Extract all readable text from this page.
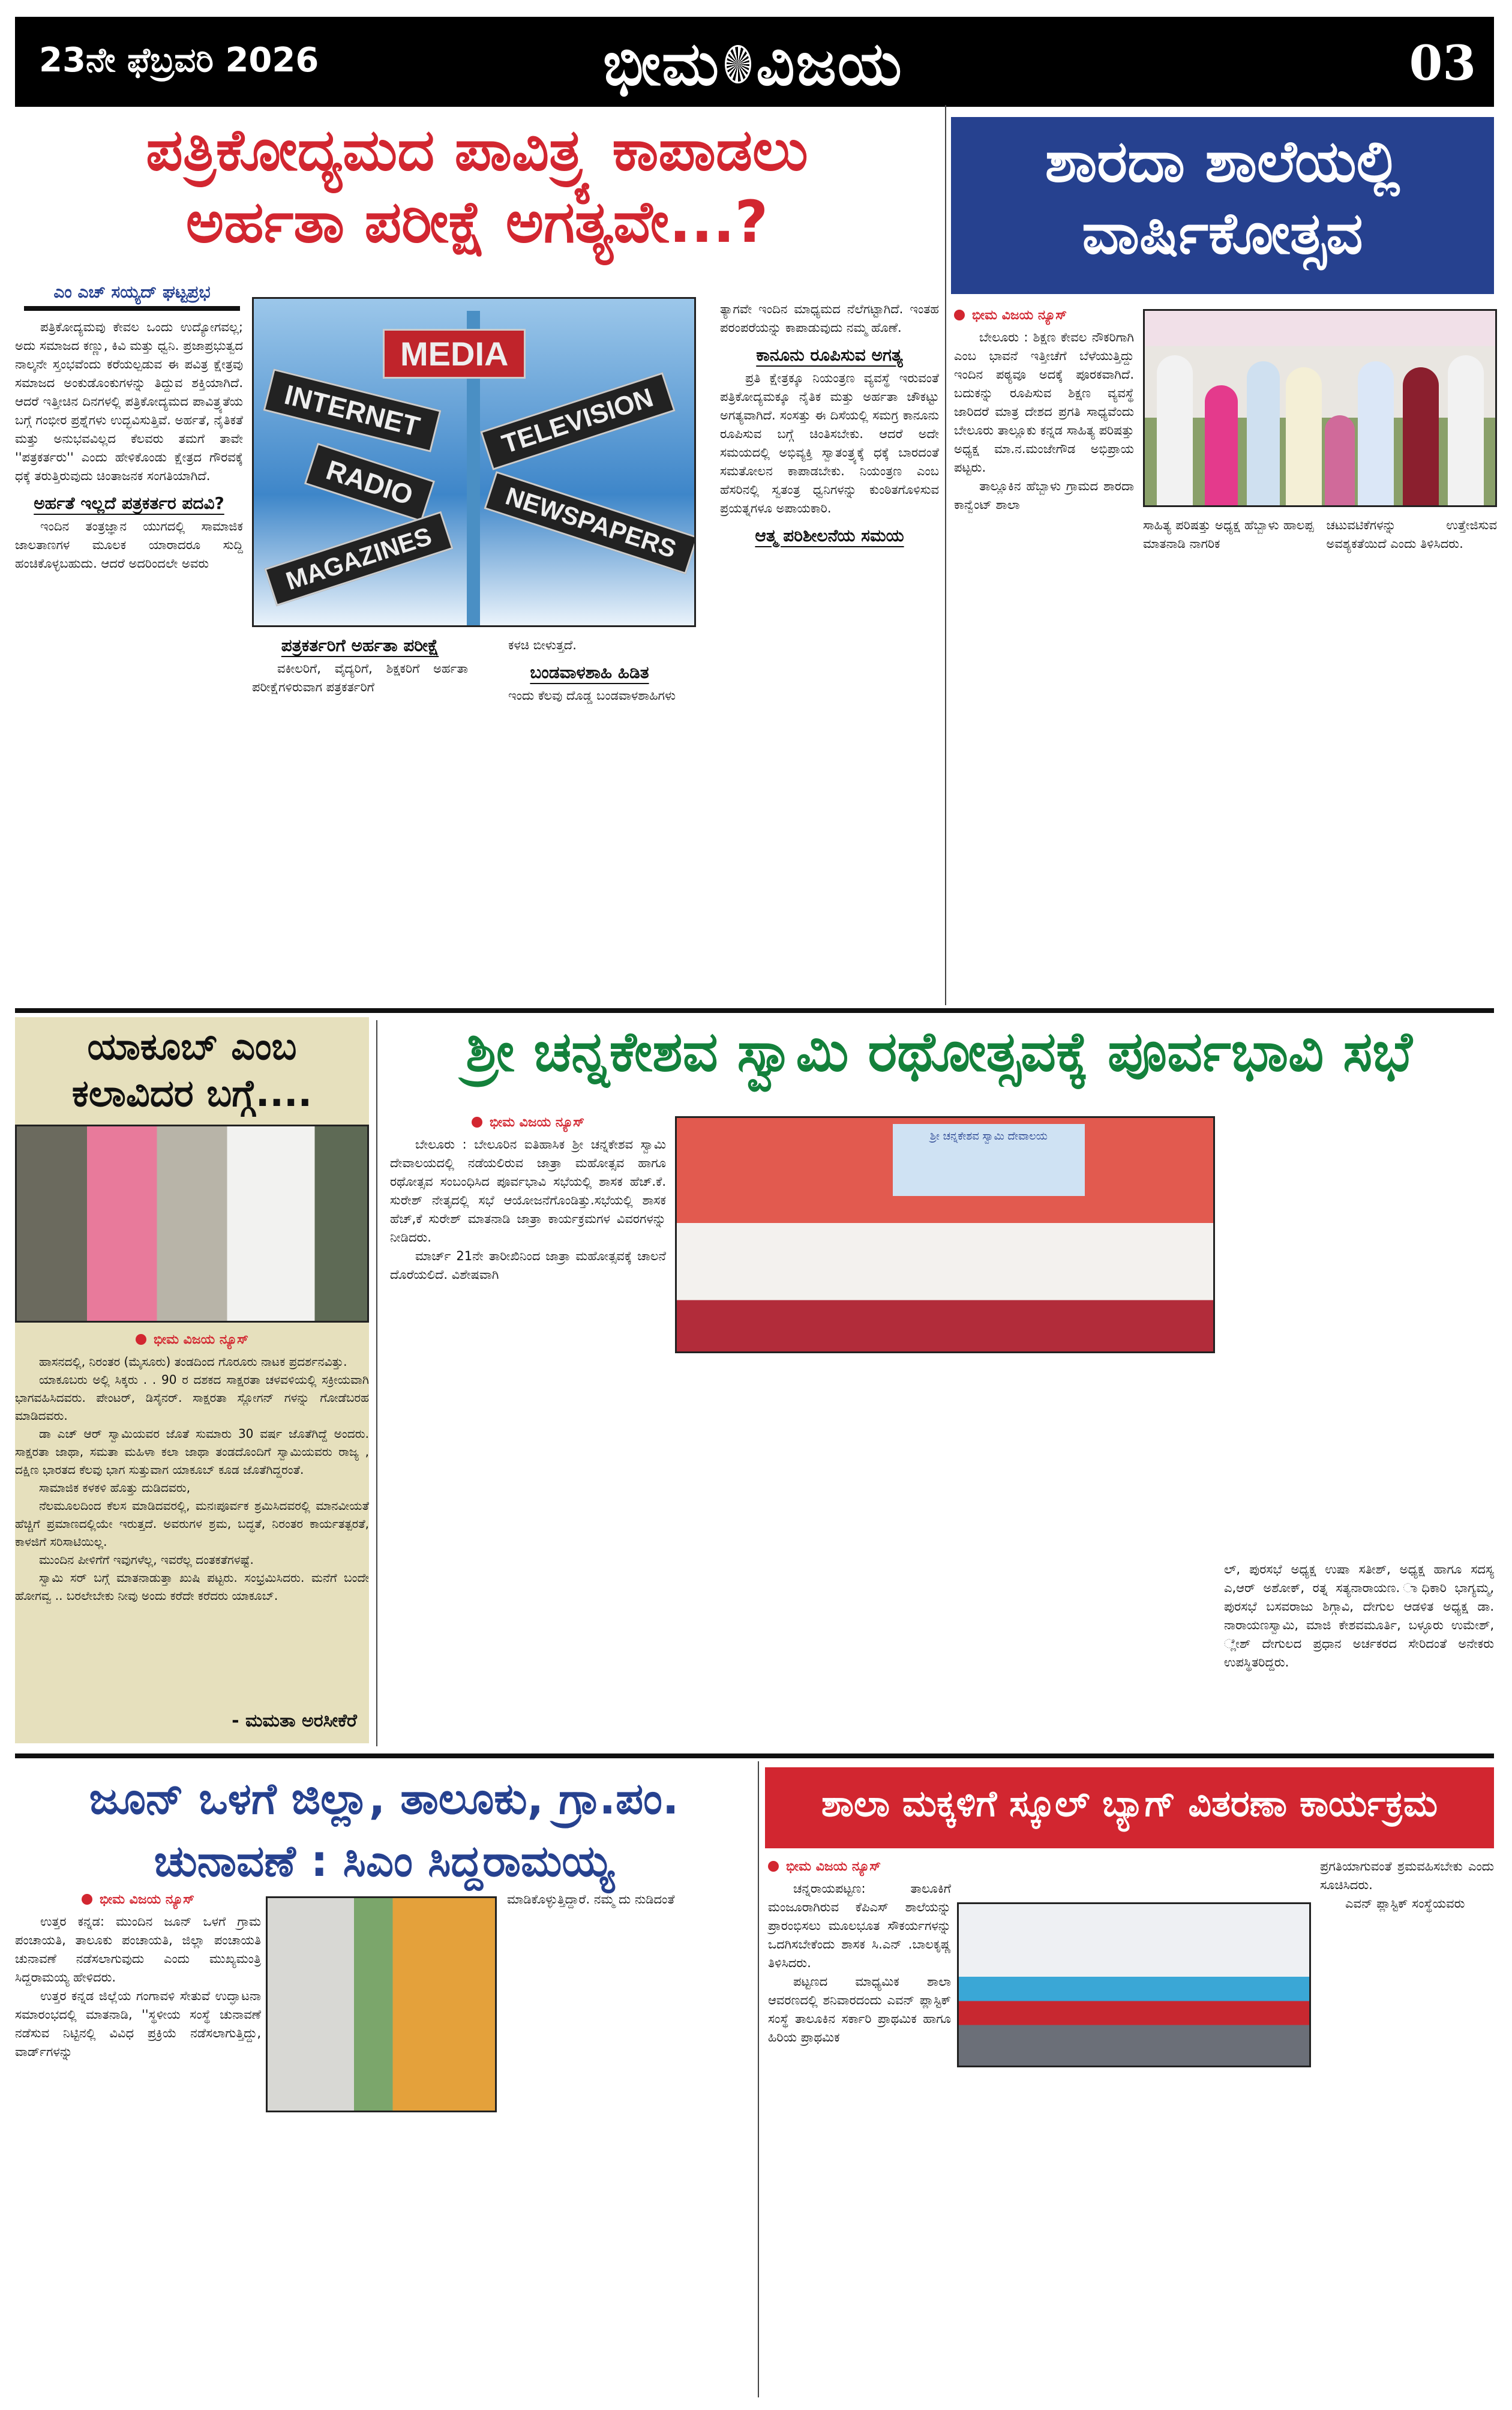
23ನೇ ಫೆಬ್ರವರಿ 2026	ಭೀಮ ವಿಜಯ	03
ಪತ್ರಿಕೋದ್ಯಮದ ಪಾವಿತ್ರ್ಯ ಕಾಪಾಡಲು
ಅರ್ಹತಾ ಪರೀಕ್ಷೆ ಅಗತ್ಯವೇ...?
ಎಂ ಎಚ್ ಸಯ್ಯದ್ ಘಟ್ಟಪ್ರಭ

ಪತ್ರಿಕೋದ್ಯಮವು ಕೇವಲ ಒಂದು ಉದ್ಯೋಗವಲ್ಲ; ಅದು ಸಮಾಜದ ಕಣ್ಣು, ಕಿವಿ ಮತ್ತು ಧ್ವನಿ. ಪ್ರಜಾಪ್ರಭುತ್ವದ ನಾಲ್ಕನೇ ಸ್ತಂಭವೆಂದು ಕರೆಯಲ್ಪಡುವ ಈ ಪವಿತ್ರ ಕ್ಷೇತ್ರವು ಸಮಾಜದ ಅಂಕುಡೊಂಕುಗಳನ್ನು ತಿದ್ದುವ ಶಕ್ತಿಯಾಗಿದೆ. ಆದರೆ ಇತ್ತೀಚಿನ ದಿನಗಳಲ್ಲಿ ಪತ್ರಿಕೋದ್ಯಮದ ಪಾವಿತ್ರ್ಯತೆಯ ಬಗ್ಗೆ ಗಂಭೀರ ಪ್ರಶ್ನೆಗಳು ಉದ್ಭವಿಸುತ್ತಿವೆ. ಅರ್ಹತೆ, ನೈತಿಕತೆ ಮತ್ತು ಅನುಭವವಿಲ್ಲದ ಕೆಲವರು ತಮಗೆ ತಾವೇ ''ಪತ್ರಕರ್ತರು'' ಎಂದು ಹೇಳಿಕೊಂಡು ಕ್ಷೇತ್ರದ ಗೌರವಕ್ಕೆ ಧಕ್ಕೆ ತರುತ್ತಿರುವುದು ಚಿಂತಾಜನಕ ಸಂಗತಿಯಾಗಿದೆ.

ಅರ್ಹತೆ ಇಲ್ಲದೆ ಪತ್ರಕರ್ತರ ಪದವಿ?

ಇಂದಿನ ತಂತ್ರಜ್ಞಾನ ಯುಗದಲ್ಲಿ ಸಾಮಾಜಿಕ ಜಾಲತಾಣಗಳ ಮೂಲಕ ಯಾರಾದರೂ ಸುದ್ದಿ ಹಂಚಿಕೊಳ್ಳಬಹುದು. ಆದರೆ ಅದರಿಂದಲೇ ಅವರು

MEDIA
INTERNET	TELEVISION
RADIO	NEWSPAPERS
MAGAZINES
ಪತ್ರಕರ್ತರಿಗೆ ಅರ್ಹತಾ ಪರೀಕ್ಷೆ

ವಕೀಲರಿಗೆ, ವೈದ್ಯರಿಗೆ, ಶಿಕ್ಷಕರಿಗೆ ಅರ್ಹತಾ ಪರೀಕ್ಷೆಗಳಿರುವಾಗ ಪತ್ರಕರ್ತರಿಗೆ

ಕಳಚಿ ಬೀಳುತ್ತದೆ.

ಬಂಡವಾಳಶಾಹಿ ಹಿಡಿತ

ಇಂದು ಕೆಲವು ದೊಡ್ಡ ಬಂಡವಾಳಶಾಹಿಗಳು

ತ್ಯಾಗವೇ ಇಂದಿನ ಮಾಧ್ಯಮದ ನೆಲೆಗಟ್ಟಾಗಿದೆ. ಇಂತಹ ಪರಂಪರೆಯನ್ನು ಕಾಪಾಡುವುದು ನಮ್ಮ ಹೊಣೆ.

ಕಾನೂನು ರೂಪಿಸುವ ಅಗತ್ಯ

ಪ್ರತಿ ಕ್ಷೇತ್ರಕ್ಕೂ ನಿಯಂತ್ರಣ ವ್ಯವಸ್ಥೆ ಇರುವಂತೆ ಪತ್ರಿಕೋದ್ಯಮಕ್ಕೂ ನೈತಿಕ ಮತ್ತು ಅರ್ಹತಾ ಚೌಕಟ್ಟು ಅಗತ್ಯವಾಗಿದೆ. ಸಂಸತ್ತು ಈ ದಿಸೆಯಲ್ಲಿ ಸಮಗ್ರ ಕಾನೂನು ರೂಪಿಸುವ ಬಗ್ಗೆ ಚಿಂತಿಸಬೇಕು. ಆದರೆ ಅದೇ ಸಮಯದಲ್ಲಿ ಅಭಿವ್ಯಕ್ತಿ ಸ್ವಾತಂತ್ರ್ಯಕ್ಕೆ ಧಕ್ಕೆ ಬಾರದಂತೆ ಸಮತೋಲನ ಕಾಪಾಡಬೇಕು. ನಿಯಂತ್ರಣ ಎಂಬ ಹೆಸರಿನಲ್ಲಿ ಸ್ವತಂತ್ರ ಧ್ವನಿಗಳನ್ನು ಕುಂಠಿತಗೊಳಿಸುವ ಪ್ರಯತ್ನಗಳೂ ಅಪಾಯಕಾರಿ.

ಆತ್ಮ ಪರಿಶೀಲನೆಯ ಸಮಯ
ಶಾರದಾ ಶಾಲೆಯಲ್ಲಿ
ವಾರ್ಷಿಕೋತ್ಸವ
ಭೀಮ ವಿಜಯ ನ್ಯೂಸ್

ಬೇಲೂರು : ಶಿಕ್ಷಣ ಕೇವಲ ನೌಕರಿಗಾಗಿ ಎಂಬ ಭಾವನೆ ಇತ್ತೀಚೆಗೆ ಬೆಳೆಯುತ್ತಿದ್ದು ಇಂದಿನ ಪಠ್ಯವೂ ಅದಕ್ಕೆ ಪೂರಕವಾಗಿದೆ. ಬದುಕನ್ನು ರೂಪಿಸುವ ಶಿಕ್ಷಣ ವ್ಯವಸ್ಥೆ ಜಾರಿದರೆ ಮಾತ್ರ ದೇಶದ ಪ್ರಗತಿ ಸಾಧ್ಯವೆಂದು ಬೇಲೂರು ತಾಲ್ಲೂಕು ಕನ್ನಡ ಸಾಹಿತ್ಯ ಪರಿಷತ್ತು ಅಧ್ಯಕ್ಷ ಮಾ.ನ.ಮಂಜೇಗೌಡ ಅಭಿಪ್ರಾಯ ಪಟ್ಟರು.

ತಾಲ್ಲೂಕಿನ ಹೆಬ್ಬಾಳು ಗ್ರಾಮದ ಶಾರದಾ ಕಾನ್ವೆಂಟ್ ಶಾಲಾ

ಸಾಹಿತ್ಯ ಪರಿಷತ್ತು ಅಧ್ಯಕ್ಷ ಹೆಬ್ಬಾಳು ಹಾಲಪ್ಪ ಮಾತನಾಡಿ ನಾಗರಿಕ

ಚಟುವಟಿಕೆಗಳನ್ನು ಉತ್ತೇಜಿಸುವ ಅವಶ್ಯಕತೆಯಿದೆ ಎಂದು ತಿಳಿಸಿದರು.

ಯಾಕೂಬ್ ಎಂಬ
ಕಲಾವಿದರ ಬಗ್ಗೆ....
ಭೀಮ ವಿಜಯ ನ್ಯೂಸ್

ಹಾಸನದಲ್ಲಿ, ನಿರಂತರ (ಮೈಸೂರು) ತಂಡದಿಂದ ಗೊರೂರು ನಾಟಕ ಪ್ರದರ್ಶನವಿತ್ತು.

ಯಾಕೂಬರು ಅಲ್ಲಿ ಸಿಕ್ಕರು . . 90 ರ ದಶಕದ ಸಾಕ್ಷರತಾ ಚಳವಳಿಯಲ್ಲಿ ಸಕ್ರೀಯವಾಗಿ ಭಾಗವಹಿಸಿದವರು. ಪೇಂಟರ್, ಡಿಸೈನರ್. ಸಾಕ್ಷರತಾ ಸ್ಲೋಗನ್ ಗಳನ್ನು ಗೋಡೆಬರಹ ಮಾಡಿದವರು.

ಡಾ ಎಚ್ ಆರ್ ಸ್ವಾಮಿಯವರ ಜೊತೆ ಸುಮಾರು 30 ವರ್ಷ ಜೊತೆಗಿದ್ದೆ ಅಂದರು. ಸಾಕ್ಷರತಾ ಜಾಥಾ, ಸಮತಾ ಮಹಿಳಾ ಕಲಾ ಜಾಥಾ ತಂಡದೊಂದಿಗೆ ಸ್ವಾಮಿಯವರು ರಾಜ್ಯ , ದಕ್ಷಿಣ ಭಾರತದ ಕೆಲವು ಭಾಗ ಸುತ್ತುವಾಗ ಯಾಕೂಬ್ ಕೂಡ ಜೊತೆಗಿದ್ದರಂತೆ.

ಸಾಮಾಜಿಕ ಕಳಕಳಿ ಹೊತ್ತು ದುಡಿದವರು,

ನೆಲಮೂಲದಿಂದ ಕೆಲಸ ಮಾಡಿದವರಲ್ಲಿ, ಮನಃಪೂರ್ವಕ ಶ್ರಮಿಸಿದವರಲ್ಲಿ ಮಾನವೀಯತೆ ಹೆಚ್ಚಿಗೆ ಪ್ರಮಾಣದಲ್ಲಿಯೇ ಇರುತ್ತದೆ. ಅವರುಗಳ ಶ್ರಮ, ಬದ್ಧತೆ, ನಿರಂತರ ಕಾರ್ಯತತ್ಪರತೆ, ಕಾಳಜಿಗೆ ಸರಿಸಾಟಿಯಿಲ್ಲ.

ಮುಂದಿನ ಪೀಳಿಗೆಗೆ ಇವುಗಳೆಲ್ಲ, ಇವರೆಲ್ಲ ದಂತಕತೆಗಳಷ್ಟೆ.

ಸ್ವಾಮಿ ಸರ್ ಬಗ್ಗೆ ಮಾತನಾಡುತ್ತಾ ಖುಷಿ ಪಟ್ಟರು. ಸಂಭ್ರಮಿಸಿದರು. ಮನೆಗೆ ಬಂದೇ ಹೋಗವ್ವ .. ಬರಲೇಬೇಕು ನೀವು ಅಂದು ಕರೆದೇ ಕರೆದರು ಯಾಕೂಬ್.

- ಮಮತಾ ಅರಸೀಕೆರೆ
ಶ್ರೀ ಚನ್ನಕೇಶವ ಸ್ವಾಮಿ ರಥೋತ್ಸವಕ್ಕೆ ಪೂರ್ವಭಾವಿ ಸಭೆ
ಭೀಮ ವಿಜಯ ನ್ಯೂಸ್

ಬೇಲೂರು : ಬೇಲೂರಿನ ಐತಿಹಾಸಿಕ ಶ್ರೀ ಚನ್ನಕೇಶವ ಸ್ವಾಮಿ ದೇವಾಲಯದಲ್ಲಿ ನಡೆಯಲಿರುವ ಜಾತ್ರಾ ಮಹೋತ್ಸವ ಹಾಗೂ ರಥೋತ್ಸವ ಸಂಬಂಧಿಸಿದ ಪೂರ್ವಭಾವಿ ಸಭೆಯಲ್ಲಿ ಶಾಸಕ ಹೆಚ್.ಕೆ. ಸುರೇಶ್ ನೇತೃದಲ್ಲಿ ಸಭೆ ಆಯೋಜನೆಗೊಂಡಿತ್ತು.ಸಭೆಯಲ್ಲಿ ಶಾಸಕ ಹೆಚ್,ಕೆ ಸುರೇಶ್ ಮಾತನಾಡಿ ಜಾತ್ರಾ ಕಾರ್ಯಕ್ರಮಗಳ ವಿವರಗಳನ್ನು ನೀಡಿದರು.

ಮಾರ್ಚ್ 21ನೇ ತಾರೀಖಿನಿಂದ ಜಾತ್ರಾ ಮಹೋತ್ಸವಕ್ಕೆ ಚಾಲನೆ ದೊರೆಯಲಿದೆ. ವಿಶೇಷವಾಗಿ

ಶ್ರೀ ಚನ್ನಕೇಶವ ಸ್ವಾಮಿ ದೇವಾಲಯ

ಲ್, ಪುರಸಭೆ ಅಧ್ಯಕ್ಷ ಉಷಾ ಸತೀಶ್, ಅಧ್ಯಕ್ಷ ಹಾಗೂ ಸದಸ್ಯ ಎ,ಆರ್ ಅಶೋಕ್, ರತ್ನ ಸತ್ಯನಾರಾಯಣ. ಾಧಿಕಾರಿ ಭಾಗ್ಯಮ್ಮ, ಪುರಸಭೆ ಬಸವರಾಜು ಶಿಗ್ಗಾವಿ, ದೇಗುಲ ಆಡಳಿತ ಅಧ್ಯಕ್ಷ ಡಾ. ನಾರಾಯಣಸ್ವಾಮಿ, ಮಾಜಿ ಕೇಶವಮೂರ್ತಿ, ಬಳ್ಳೂರು ಉಮೇಶ್, ್ಲೇಶ್ ದೇಗುಲದ ಪ್ರಧಾನ ಅರ್ಚಕರದ ಸೇರಿದಂತೆ ಅನೇಕರು ಉಪಸ್ಥಿತರಿದ್ದರು.

ಜೂನ್ ಒಳಗೆ ಜಿಲ್ಲಾ, ತಾಲೂಕು, ಗ್ರಾ.ಪಂ.
ಚುನಾವಣೆ : ಸಿಎಂ ಸಿದ್ದರಾಮಯ್ಯ
ಭೀಮ ವಿಜಯ ನ್ಯೂಸ್

ಉತ್ತರ ಕನ್ನಡ: ಮುಂದಿನ ಜೂನ್ ಒಳಗೆ ಗ್ರಾಮ ಪಂಚಾಯತಿ, ತಾಲೂಕು ಪಂಚಾಯತಿ, ಜಿಲ್ಲಾ ಪಂಚಾಯತಿ ಚುನಾವಣೆ ನಡೆಸಲಾಗುವುದು ಎಂದು ಮುಖ್ಯಮಂತ್ರಿ ಸಿದ್ದರಾಮಯ್ಯ ಹೇಳಿದರು.

ಉತ್ತರ ಕನ್ನಡ ಜಿಲ್ಲೆಯ ಗಂಗಾವಳಿ ಸೇತುವೆ ಉದ್ಘಾಟನಾ ಸಮಾರಂಭದಲ್ಲಿ ಮಾತನಾಡಿ, ''ಸ್ಥಳೀಯ ಸಂಸ್ಥೆ ಚುನಾವಣೆ ನಡೆಸುವ ನಿಟ್ಟಿನಲ್ಲಿ ವಿವಿಧ ಪ್ರಕ್ರಿಯೆ ನಡೆಸಲಾಗುತ್ತಿದ್ದು, ವಾರ್ಡ್‌ಗಳನ್ನು

ಮಾಡಿಕೊಳ್ಳುತ್ತಿದ್ದಾರೆ. ನಮ್ಮ ದು ನುಡಿದಂತೆ

ಶಾಲಾ ಮಕ್ಕಳಿಗೆ ಸ್ಕೂಲ್ ಬ್ಯಾಗ್ ವಿತರಣಾ ಕಾರ್ಯಕ್ರಮ
ಭೀಮ ವಿಜಯ ನ್ಯೂಸ್

ಚನ್ನರಾಯಪಟ್ಟಣ: ತಾಲೂಕಿಗೆ ಮಂಜೂರಾಗಿರುವ ಕೆಪಿಎಸ್ ಶಾಲೆಯನ್ನು ಪ್ರಾರಂಭಿಸಲು ಮೂಲಭೂತ ಸೌಕರ್ಯಗಳನ್ನು ಒದಗಿಸಬೇಕೆಂದು ಶಾಸಕ ಸಿ.ಎನ್ .ಬಾಲಕೃಷ್ಣ ತಿಳಿಸಿದರು.

ಪಟ್ಟಣದ ಮಾಧ್ಯಮಿಕ ಶಾಲಾ ಆವರಣದಲ್ಲಿ ಶನಿವಾರದಂದು ಎವನ್ ಪ್ಲಾಸ್ಟಿಕ್ ಸಂಸ್ಥೆ ತಾಲೂಕಿನ ಸರ್ಕಾರಿ ಪ್ರಾಥಮಿಕ ಹಾಗೂ ಹಿರಿಯ ಪ್ರಾಥಮಿಕ

ಪ್ರಗತಿಯಾಗುವಂತೆ ಶ್ರಮವಹಿಸಬೇಕು ಎಂದು ಸೂಚಿಸಿದರು.

ಎವನ್ ಪ್ಲಾಸ್ಟಿಕ್ ಸಂಸ್ಥೆಯವರು
